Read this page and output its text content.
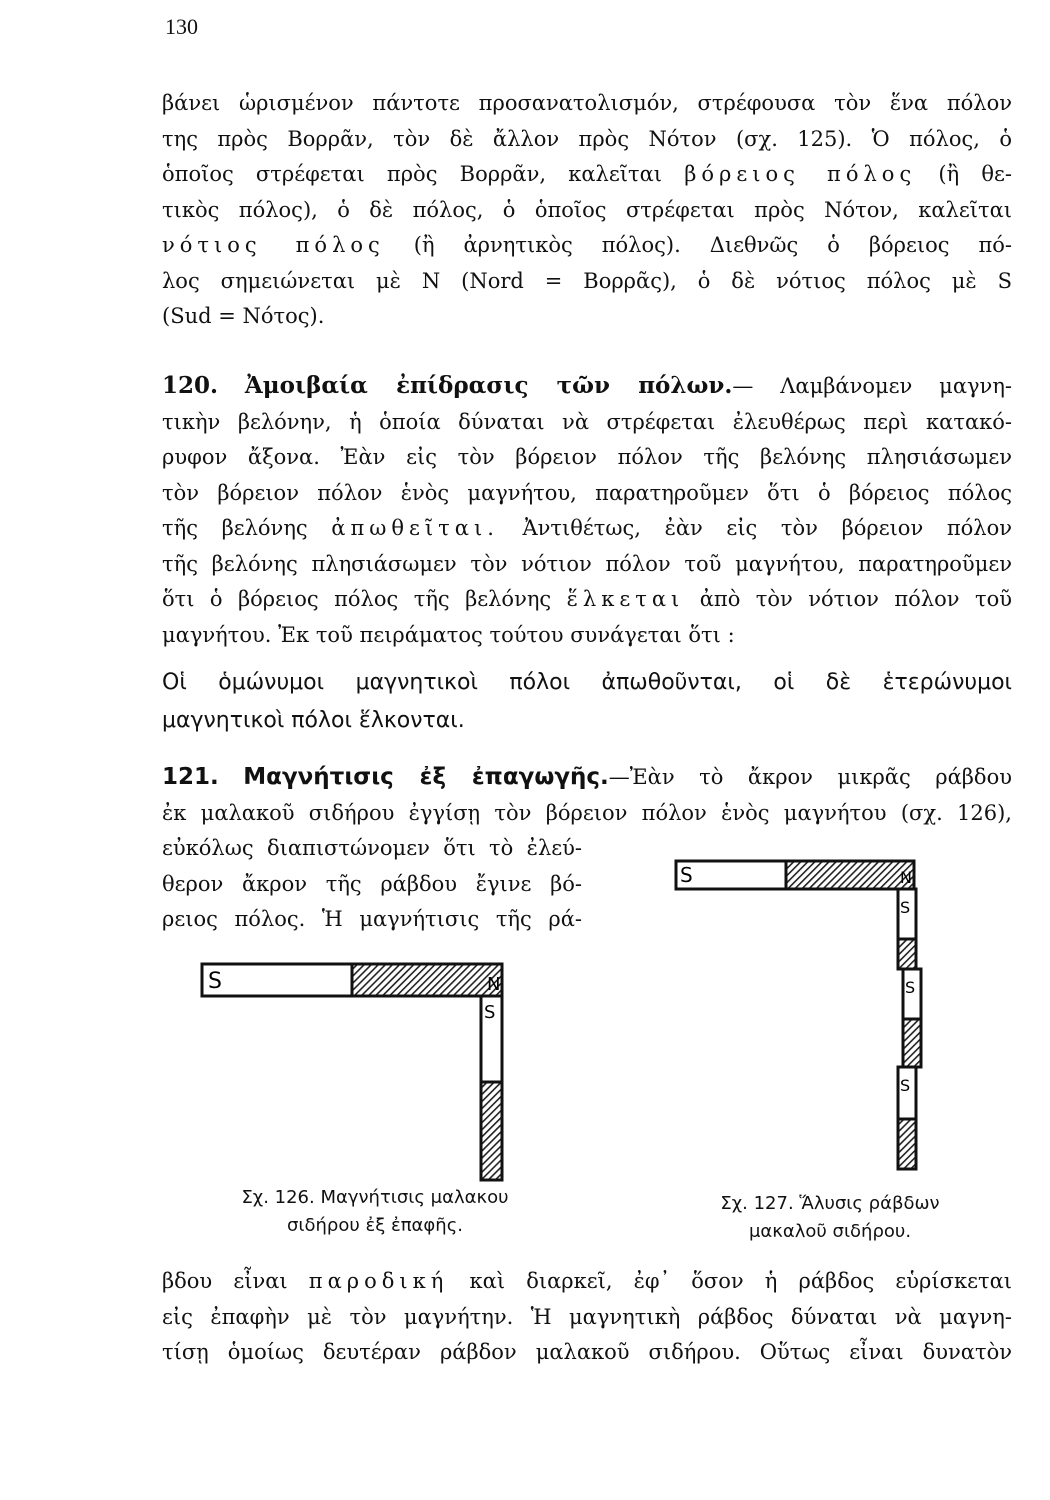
130
βάνει ὡρισμένον πάντοτε προσανατολισμόν, στρέφουσα τὸν ἕνα πόλον
της πρὸς Βορρᾶν, τὸν δὲ ἄλλον πρὸς Νότον (σχ. 125). Ὁ πόλος, ὁ
ὁποῖος στρέφεται πρὸς Βορρᾶν, καλεῖται βόρειος πόλος (ἢ θε-
τικὸς πόλος), ὁ δὲ πόλος, ὁ ὁποῖος στρέφεται πρὸς Νότον, καλεῖται
νότιος πόλος (ἢ ἀρνητικὸς πόλος). Διεθνῶς ὁ βόρειος πό-
λος σημειώνεται μὲ N (Nord = Βορρᾶς), ὁ δὲ νότιος πόλος μὲ S
(Sud = Νότος).
120. Ἀμοιβαία ἐπίδρασις τῶν πόλων.— Λαμβάνομεν μαγνη-
τικὴν βελόνην, ἡ ὁποία δύναται νὰ στρέφεται ἐλευθέρως περὶ κατακό-
ρυφον ἄξονα. Ἐὰν εἰς τὸν βόρειον πόλον τῆς βελόνης πλησιάσωμεν
τὸν βόρειον πόλον ἑνὸς μαγνήτου, παρατηροῦμεν ὅτι ὁ βόρειος πόλος
τῆς βελόνης ἀπωθεῖται. Ἀντιθέτως, ἐὰν εἰς τὸν βόρειον πόλον
τῆς βελόνης πλησιάσωμεν τὸν νότιον πόλον τοῦ μαγνήτου, παρατηροῦμεν
ὅτι ὁ βόρειος πόλος τῆς βελόνης ἕλκεται ἀπὸ τὸν νότιον πόλον τοῦ
μαγνήτου. Ἐκ τοῦ πειράματος τούτου συνάγεται ὅτι :
Οἱ ὁμώνυμοι μαγνητικοὶ πόλοι ἀπωθοῦνται, οἱ δὲ ἑτερώνυμοι
μαγνητικοὶ πόλοι ἕλκονται.
121. Μαγνήτισις ἐξ ἐπαγωγῆς.—Ἐὰν τὸ ἄκρον μικρᾶς ράβδου
ἐκ μαλακοῦ σιδήρου ἐγγίσῃ τὸν βόρειον πόλον ἑνὸς μαγνήτου (σχ. 126),
εὐκόλως διαπιστώνομεν ὅτι τὸ ἐλεύ-
θερον ἄκρον τῆς ράβδου ἔγινε βό-
ρειος πόλος. Ἡ μαγνήτισις τῆς ρά-
S	N
S
Σχ. 126. Μαγνήτισις μαλακου
σιδήρου ἐξ ἐπαφῆς.
S	N
S
S
S
Σχ. 127. Ἅλυσις ράβδων
μακαλοῦ σιδήρου.
βδου εἶναι παροδική καὶ διαρκεῖ, ἐφ᾽ ὅσον ἡ ράβδος εὑρίσκεται
εἰς ἐπαφὴν μὲ τὸν μαγνήτην. Ἡ μαγνητικὴ ράβδος δύναται νὰ μαγνη-
τίσῃ ὁμοίως δευτέραν ράβδον μαλακοῦ σιδήρου. Οὕτως εἶναι δυνατὸν
